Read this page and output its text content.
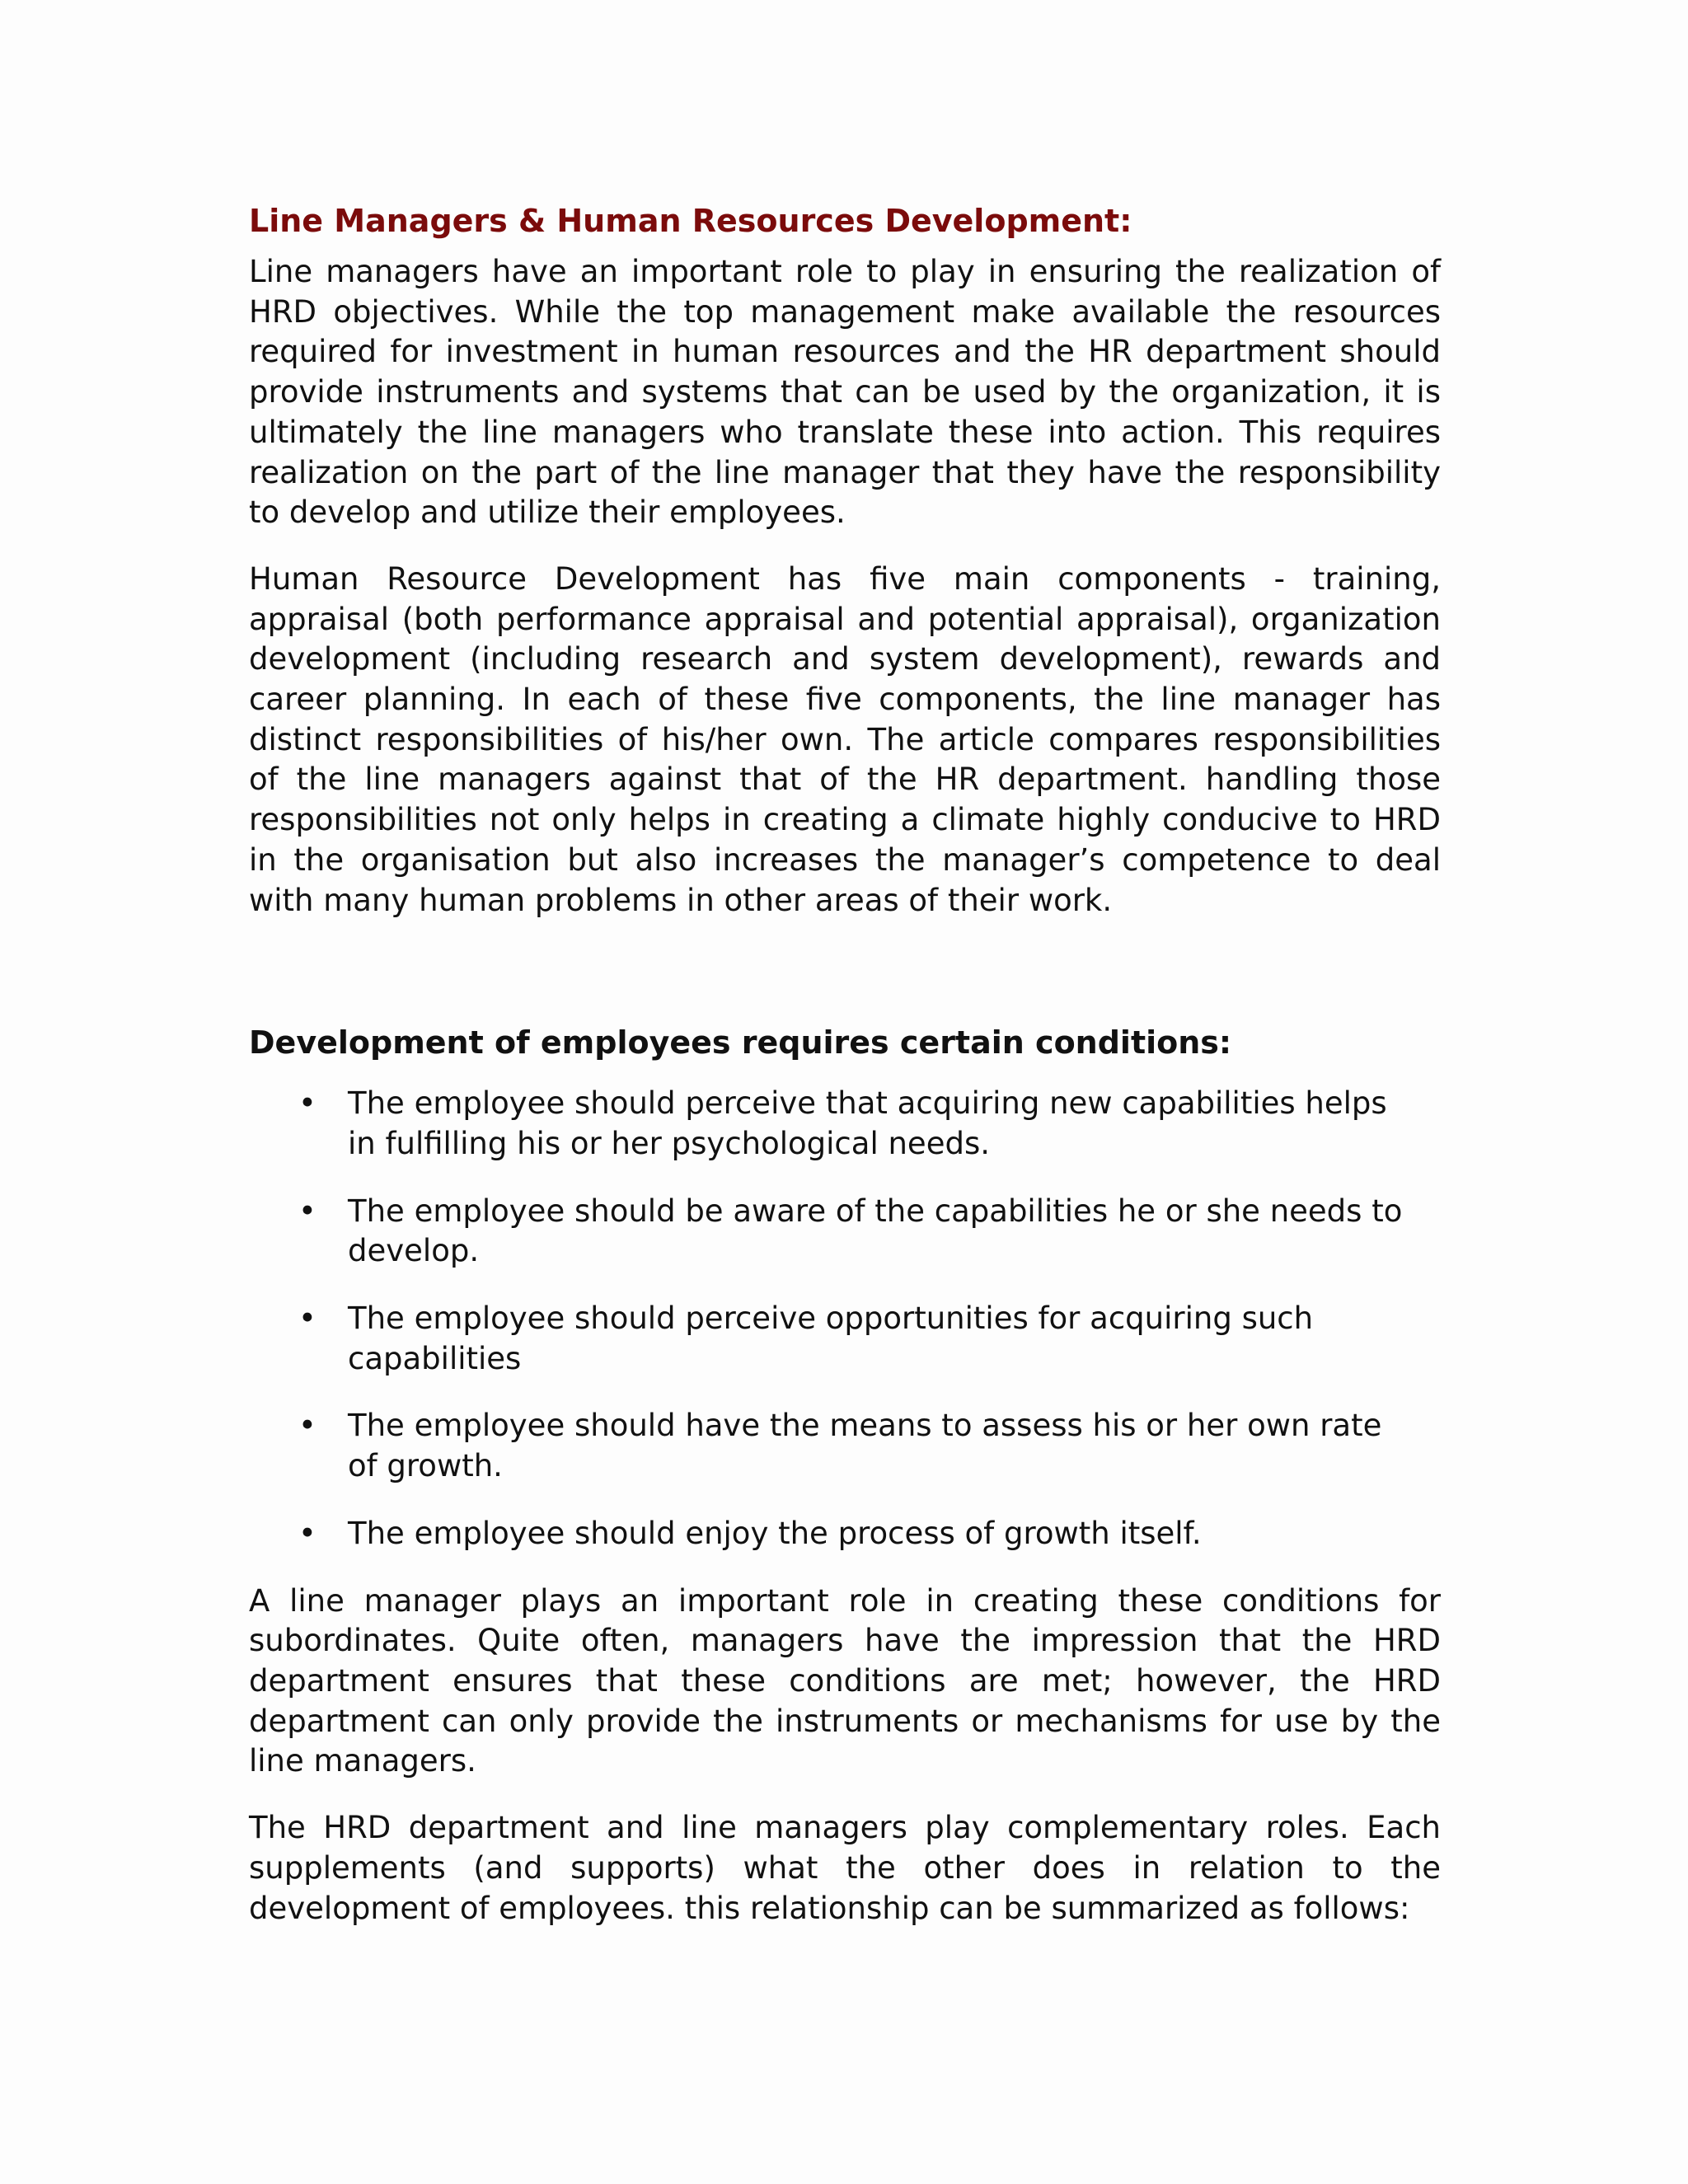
Line Managers & Human Resources Development:

Line managers have an important role to play in ensuring the realization of HRD objectives. While the top management make available the resources required for investment in human resources and the HR department should provide instruments and systems that can be used by the organization, it is ultimately the line managers who translate these into action. This requires realization on the part of the line manager that they have the responsibility to develop and utilize their employees.

Human Resource Development has five main components - training, appraisal (both performance appraisal and potential appraisal), organization development (including research and system development), rewards and career planning. In each of these five components, the line manager has distinct responsibilities of his/her own. The article compares responsibilities of the line managers against that of the HR department. handling those responsibilities not only helps in creating a climate highly conducive to HRD in the organisation but also increases the manager’s competence to deal with many human problems in other areas of their work.

Development of employees requires certain conditions:
• The employee should perceive that acquiring new capabilities helps in fulfilling his or her psychological needs.
• The employee should be aware of the capabilities he or she needs to develop.
• The employee should perceive opportunities for acquiring such capabilities
• The employee should have the means to assess his or her own rate of growth.
• The employee should enjoy the process of growth itself.

A line manager plays an important role in creating these conditions for subordinates. Quite often, managers have the impression that the HRD department ensures that these conditions are met; however, the HRD department can only provide the instruments or mechanisms for use by the line managers.

The HRD department and line managers play complementary roles. Each supplements (and supports) what the other does in relation to the development of employees. this relationship can be summarized as follows:
